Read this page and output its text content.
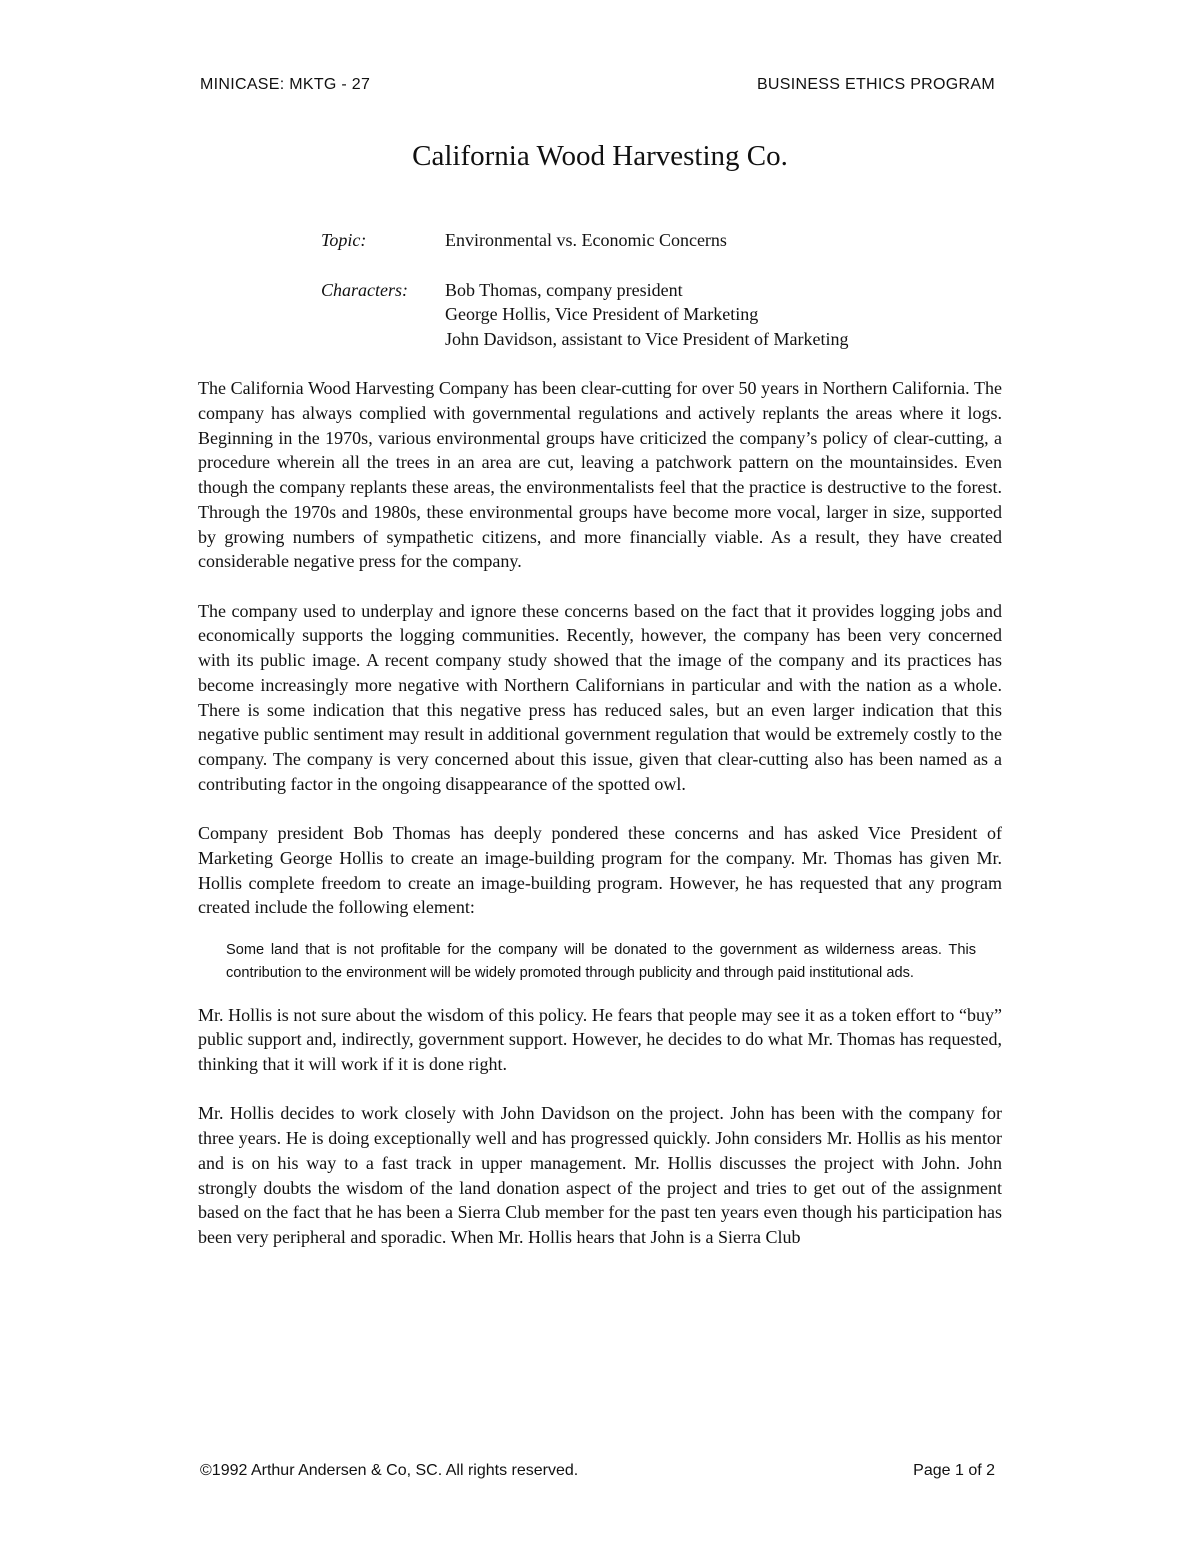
MINICASE: MKTG - 27	BUSINESS ETHICS PROGRAM
California Wood Harvesting Co.
Topic:	Environmental vs. Economic Concerns
Characters:	Bob Thomas, company president
George Hollis, Vice President of Marketing
John Davidson, assistant to Vice President of Marketing

The California Wood Harvesting Company has been clear-cutting for over 50 years in Northern California. The company has always complied with governmental regulations and actively replants the areas where it logs. Beginning in the 1970s, various environmental groups have criticized the company’s policy of clear-cutting, a procedure wherein all the trees in an area are cut, leaving a patchwork pattern on the mountainsides. Even though the company replants these areas, the environmentalists feel that the practice is destructive to the forest. Through the 1970s and 1980s, these environmental groups have become more vocal, larger in size, supported by growing numbers of sympathetic citizens, and more financially viable. As a result, they have created considerable negative press for the company.

The company used to underplay and ignore these concerns based on the fact that it provides logging jobs and economically supports the logging communities. Recently, however, the company has been very concerned with its public image. A recent company study showed that the image of the company and its practices has become increasingly more negative with Northern Californians in particular and with the nation as a whole. There is some indication that this negative press has reduced sales, but an even larger indication that this negative public sentiment may result in additional government regulation that would be extremely costly to the company. The company is very concerned about this issue, given that clear-cutting also has been named as a contributing factor in the ongoing disappearance of the spotted owl.

Company president Bob Thomas has deeply pondered these concerns and has asked Vice President of Marketing George Hollis to create an image-building program for the company. Mr. Thomas has given Mr. Hollis complete freedom to create an image-building program. However, he has requested that any program created include the following element:

Some land that is not profitable for the company will be donated to the government as wilderness areas. This contribution to the environment will be widely promoted through publicity and through paid institutional ads.

Mr. Hollis is not sure about the wisdom of this policy. He fears that people may see it as a token effort to “buy” public support and, indirectly, government support. However, he decides to do what Mr. Thomas has requested, thinking that it will work if it is done right.

Mr. Hollis decides to work closely with John Davidson on the project. John has been with the company for three years. He is doing exceptionally well and has progressed quickly. John considers Mr. Hollis as his mentor and is on his way to a fast track in upper management. Mr. Hollis discusses the project with John. John strongly doubts the wisdom of the land donation aspect of the project and tries to get out of the assignment based on the fact that he has been a Sierra Club member for the past ten years even though his participation has been very peripheral and sporadic. When Mr. Hollis hears that John is a Sierra Club

©1992 Arthur Andersen & Co, SC. All rights reserved.	Page 1 of 2
